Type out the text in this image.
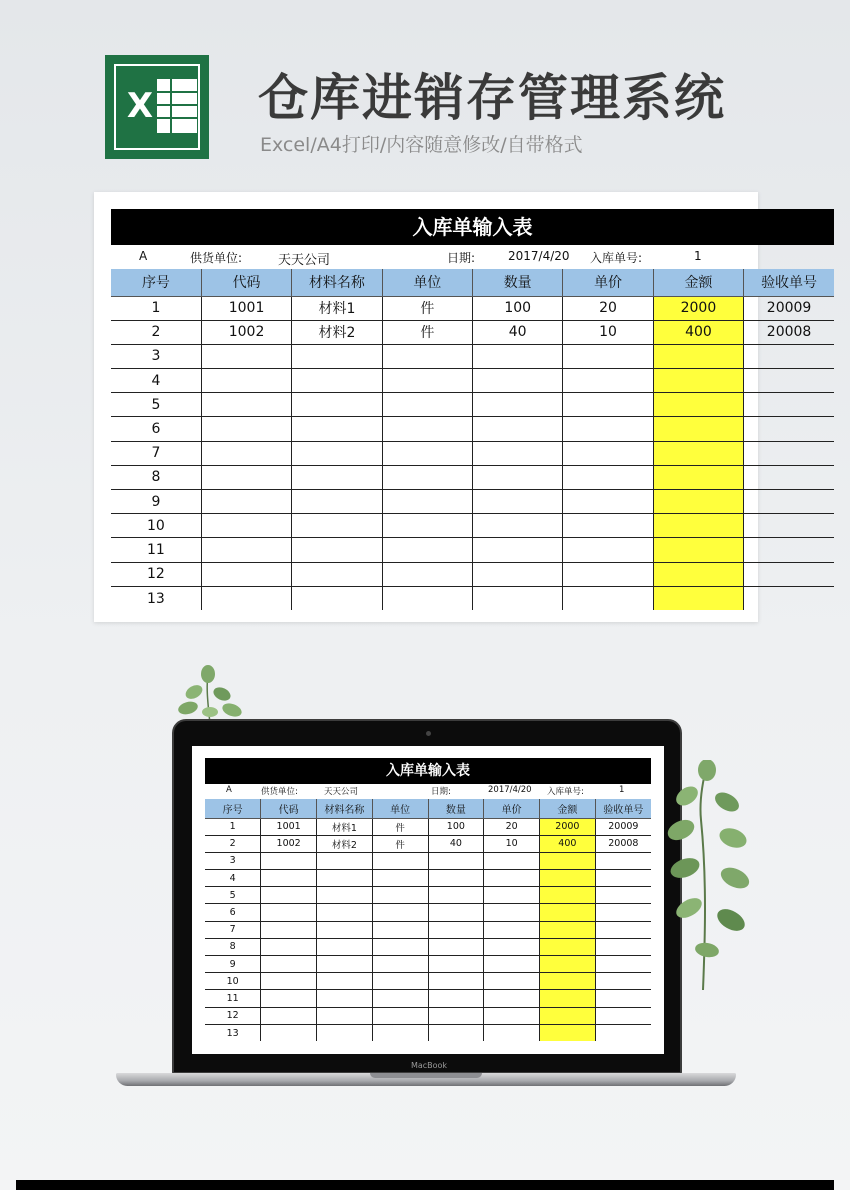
X 仓库进销存管理系统
Excel/A4打印/内容随意修改/自带格式
入库单输入表
A	供货单位:	天天公司	日期:	2017/4/20 入库单号:	1
序号	代码	材料名称	单位	数量	单价	金额	验收单号
1	1001	材料1	件	100	20	2000	20009
2	1002	材料2	件	40	10	400	20008
3							
4							
5							
6							
7							
8							
9							
10							
11							
12							
13							
入库单输入表
A	供货单位:	天天公司	日期:	2017/4/20 入库单号:	1
序号	代码	材料名称	单位	数量	单价	金额	验收单号
1	1001	材料1	件	100	20	2000	20009
2	1002	材料2	件	40	10	400	20008
3							
4							
5							
6							
7							
8							
9							
10							
11							
12							
13							
MacBook
